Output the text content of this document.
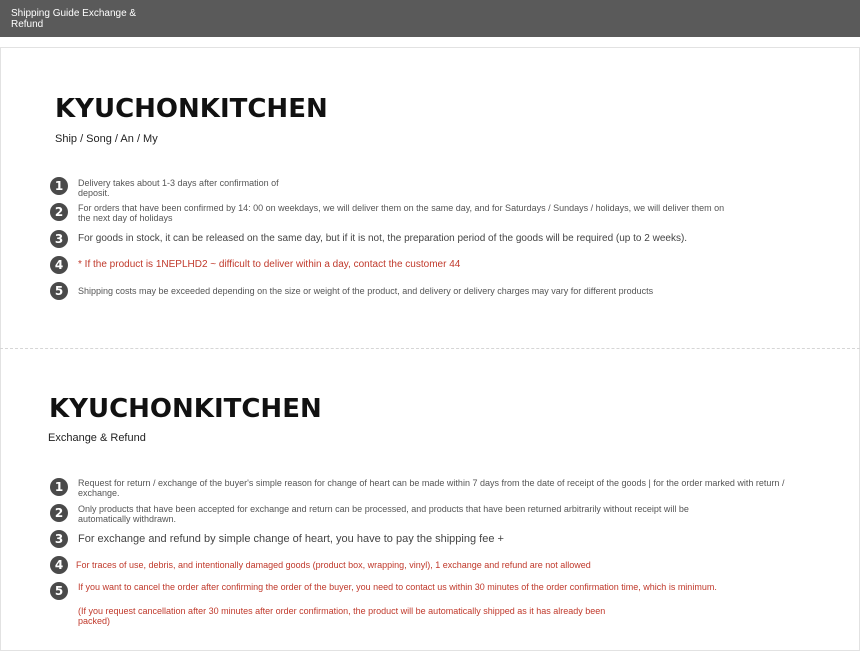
Shipping Guide Exchange & Refund
KYUCHONKITCHEN
Ship / Song / An / My
1	Delivery takes about 1-3 days after confirmation of deposit.
2	For orders that have been confirmed by 14: 00 on weekdays, we will deliver them on the same day, and for Saturdays / Sundays / holidays, we will deliver them on the next day of holidays
3	For goods in stock, it can be released on the same day, but if it is not, the preparation period of the goods will be required (up to 2 weeks).
4	* If the product is 1NEPLHD2 ~ difficult to deliver within a day, contact the customer 44
5	Shipping costs may be exceeded depending on the size or weight of the product, and delivery or delivery charges may vary for different products
KYUCHONKITCHEN
Exchange & Refund
1	Request for return / exchange of the buyer's simple reason for change of heart can be made within 7 days from the date of receipt of the goods | for the order marked with return / exchange.
2	Only products that have been accepted for exchange and return can be processed, and products that have been returned arbitrarily without receipt will be automatically withdrawn.
3	For exchange and refund by simple change of heart, you have to pay the shipping fee +
4	For traces of use, debris, and intentionally damaged goods (product box, wrapping, vinyl), 1 exchange and refund are not allowed
5	If you want to cancel the order after confirming the order of the buyer, you need to contact us within 30 minutes of the order confirmation time, which is minimum.
(If you request cancellation after 30 minutes after order confirmation, the product will be automatically shipped as it has already been packed)
